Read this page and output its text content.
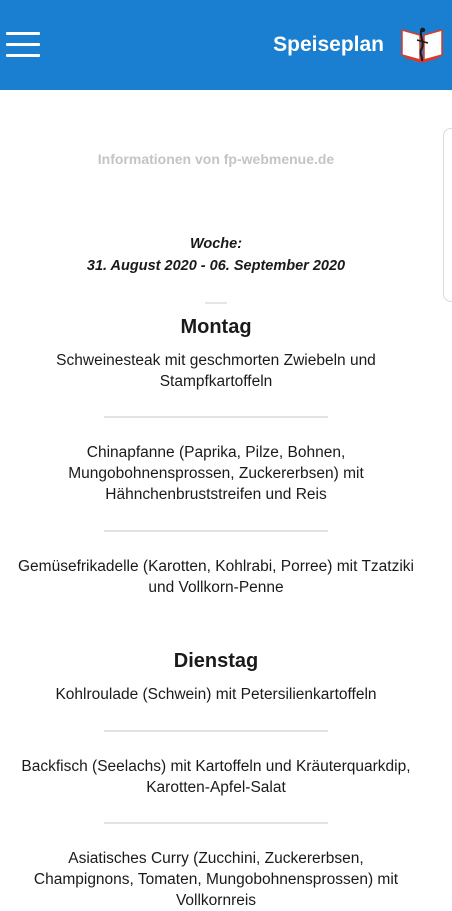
Speiseplan
Informationen von fp-webmenue.de
Woche:
31. August 2020 - 06. September 2020
Montag
Schweinesteak mit geschmorten Zwiebeln und Stampfkartoffeln
Chinapfanne (Paprika, Pilze, Bohnen, Mungobohnensprossen, Zuckererbsen) mit Hähnchenbruststreifen und Reis
Gemüsefrikadelle (Karotten, Kohlrabi, Porree) mit Tzatziki und Vollkorn-Penne
Dienstag
Kohlroulade (Schwein) mit Petersilienkartoffeln
Backfisch (Seelachs) mit Kartoffeln und Kräuterquarkdip, Karotten-Apfel-Salat
Asiatisches Curry (Zucchini, Zuckererbsen, Champignons, Tomaten, Mungobohnensprossen) mit Vollkornreis
